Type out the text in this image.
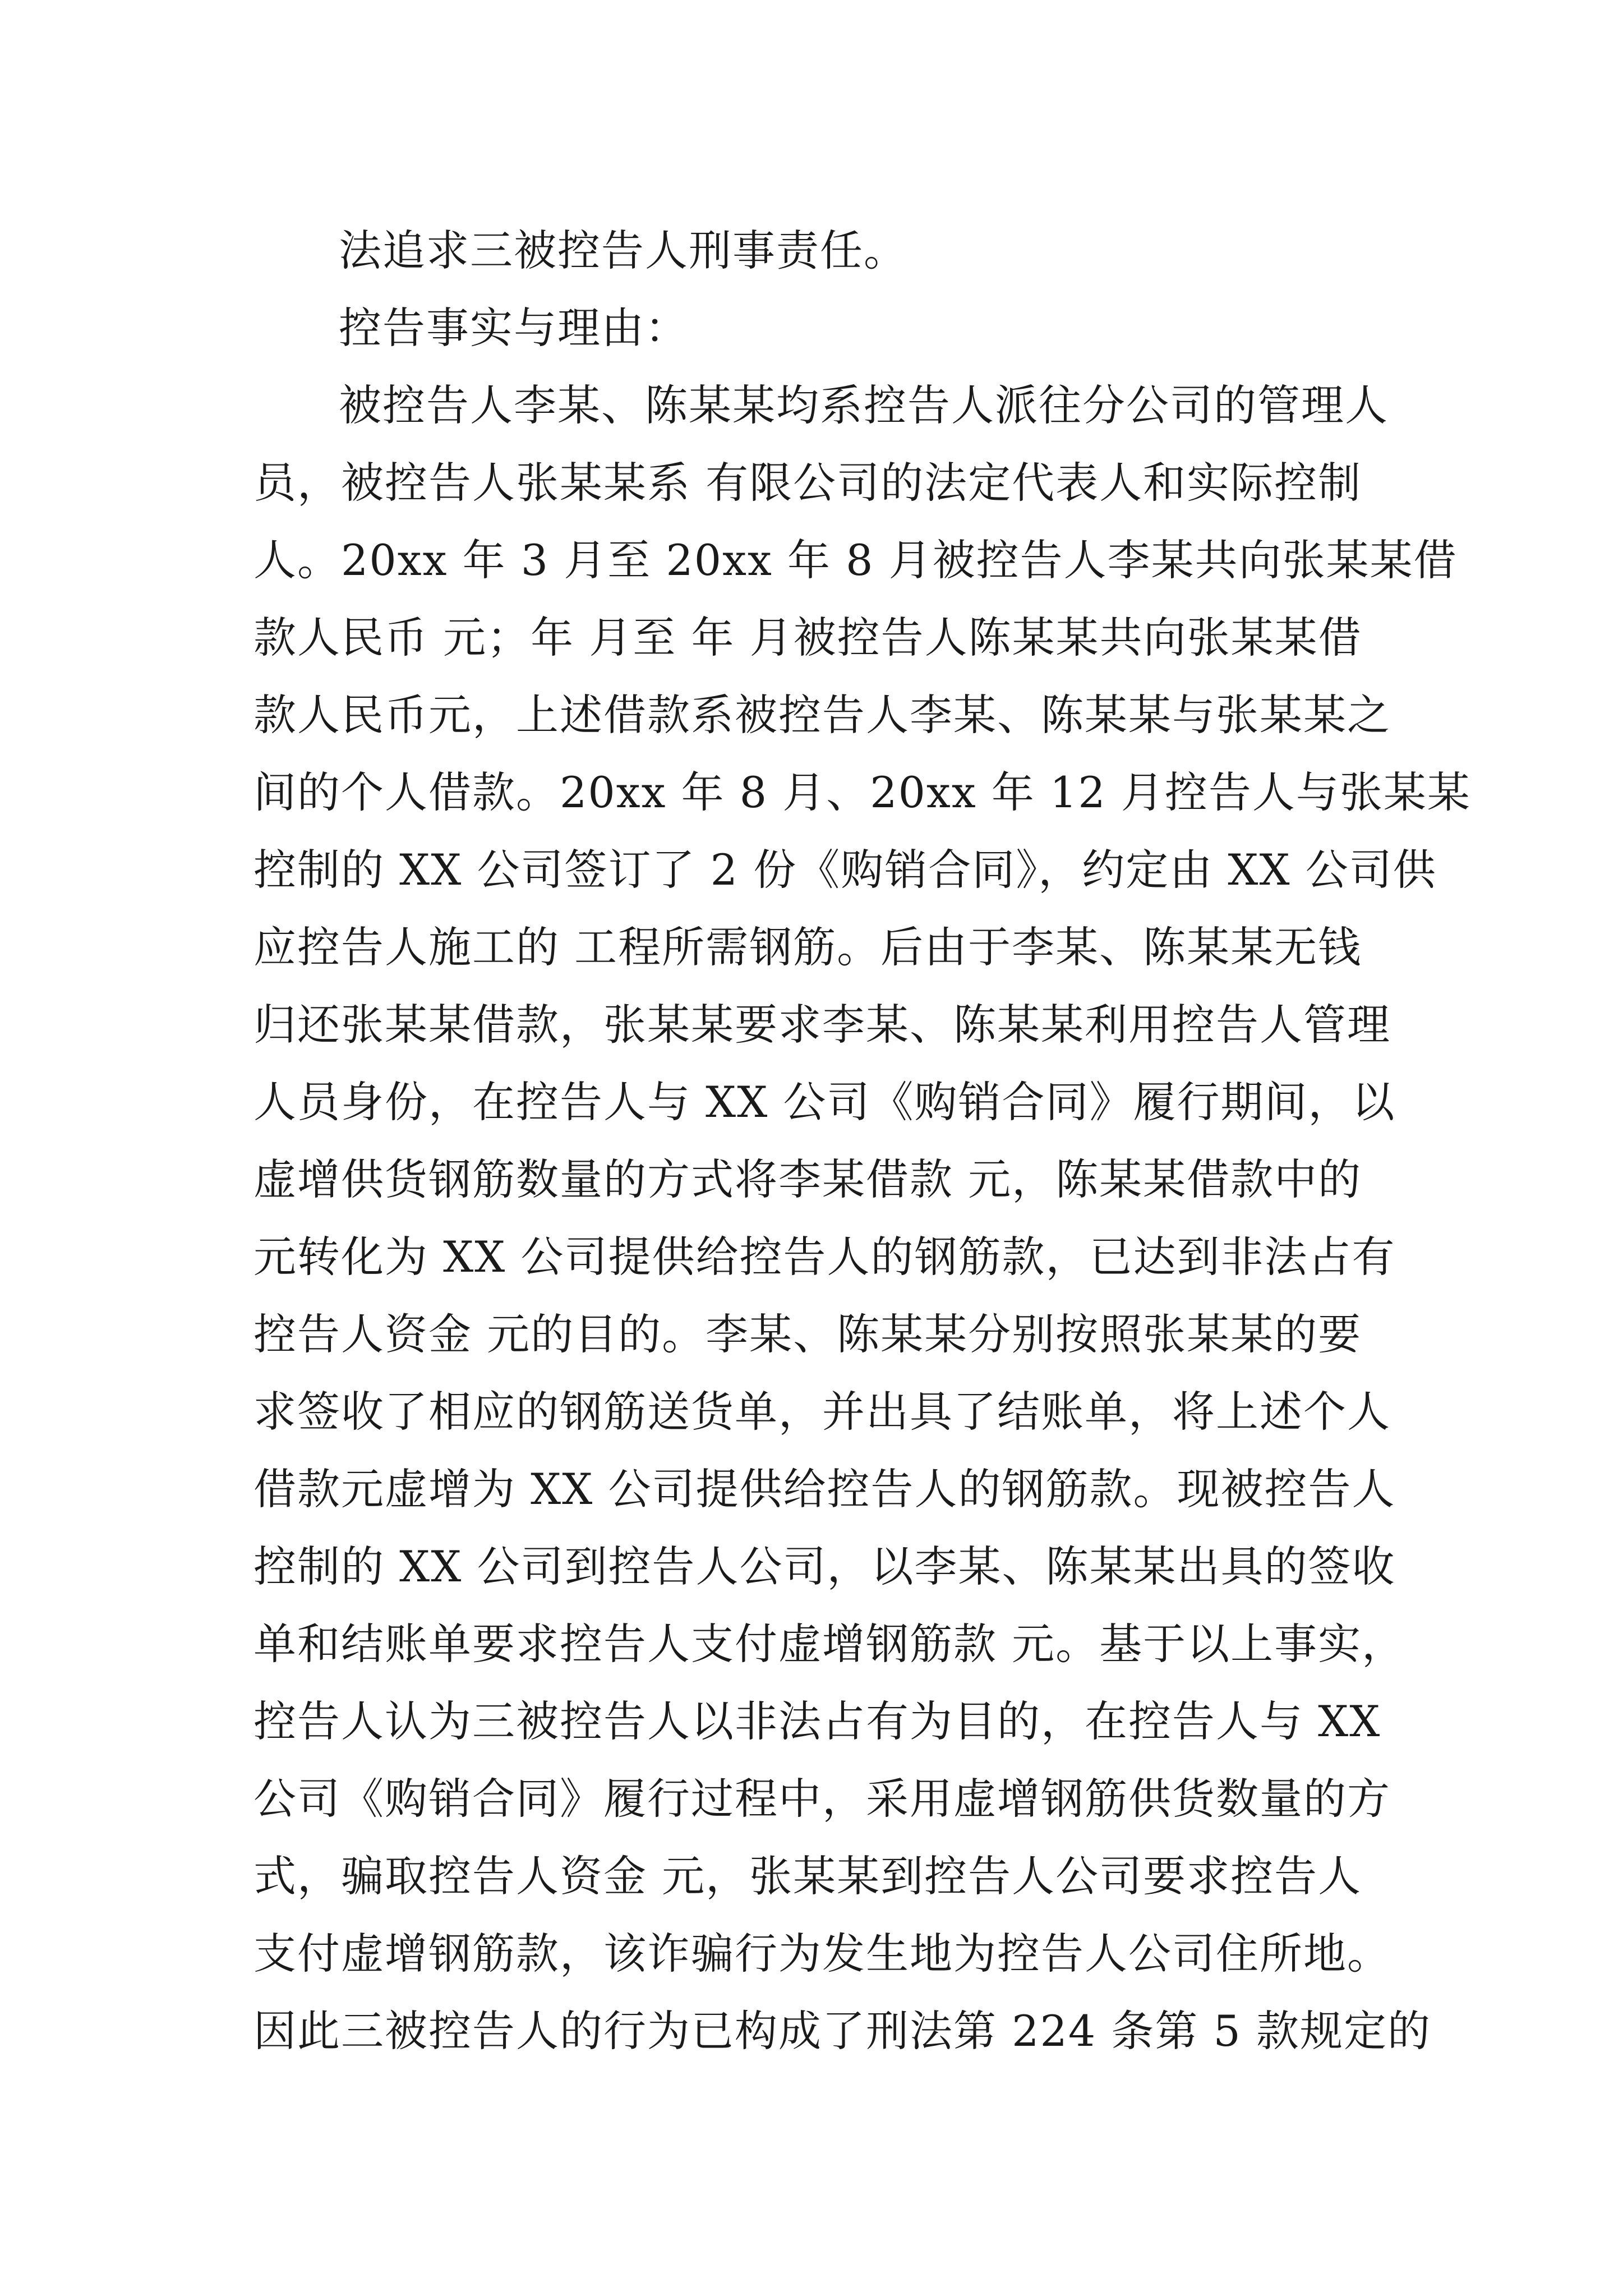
法追求三被控告人刑事责任。
控告事实与理由：
被控告人李某、陈某某均系控告人派往分公司的管理人
员，被控告人张某某系 有限公司的法定代表人和实际控制
人。20xx 年 3 月至 20xx 年 8 月被控告人李某共向张某某借
款人民币 元；年 月至 年 月被控告人陈某某共向张某某借
款人民币元，上述借款系被控告人李某、陈某某与张某某之
间的个人借款。20xx 年 8 月、20xx 年 12 月控告人与张某某
控制的 XX 公司签订了 2 份《购销合同》，约定由 XX 公司供
应控告人施工的 工程所需钢筋。后由于李某、陈某某无钱
归还张某某借款，张某某要求李某、陈某某利用控告人管理
人员身份，在控告人与 XX 公司《购销合同》履行期间，以
虚增供货钢筋数量的方式将李某借款 元，陈某某借款中的
元转化为 XX 公司提供给控告人的钢筋款，已达到非法占有
控告人资金 元的目的。李某、陈某某分别按照张某某的要
求签收了相应的钢筋送货单，并出具了结账单，将上述个人
借款元虚增为 XX 公司提供给控告人的钢筋款。现被控告人
控制的 XX 公司到控告人公司，以李某、陈某某出具的签收
单和结账单要求控告人支付虚增钢筋款 元。基于以上事实，
控告人认为三被控告人以非法占有为目的，在控告人与 XX
公司《购销合同》履行过程中，采用虚增钢筋供货数量的方
式，骗取控告人资金 元，张某某到控告人公司要求控告人
支付虚增钢筋款，该诈骗行为发生地为控告人公司住所地。
因此三被控告人的行为已构成了刑法第 224 条第 5 款规定的
